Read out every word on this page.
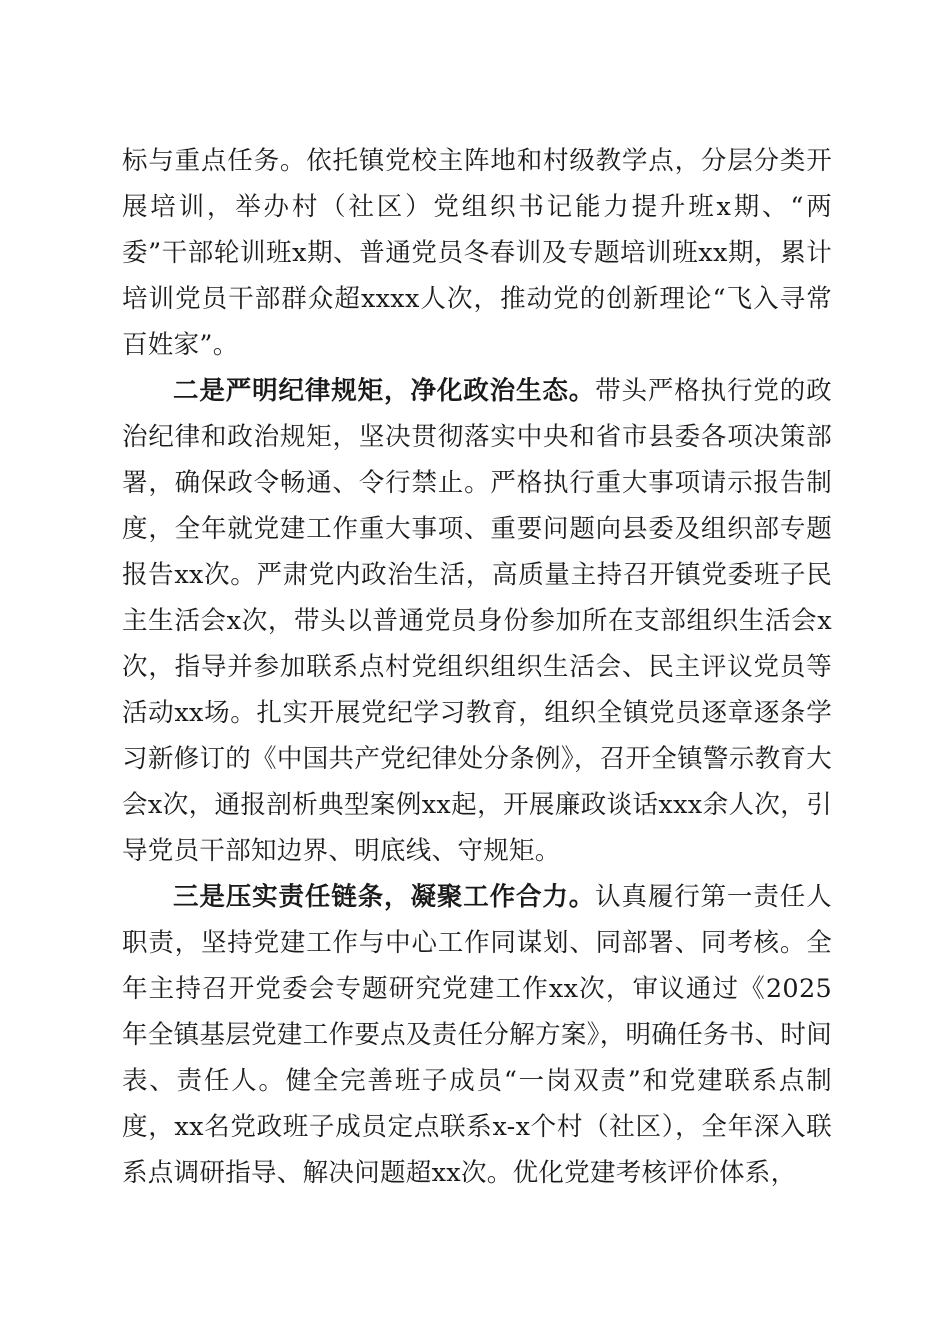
标与重点任务。依托镇党校主阵地和村级教学点，分层分类开展培训，举办村（社区）党组织书记能力提升班x期、“两委”干部轮训班x期、普通党员冬春训及专题培训班xx期，累计培训党员干部群众超xxxx人次，推动党的创新理论“飞入寻常百姓家”。

二是严明纪律规矩，净化政治生态。带头严格执行党的政治纪律和政治规矩，坚决贯彻落实中央和省市县委各项决策部署，确保政令畅通、令行禁止。严格执行重大事项请示报告制度，全年就党建工作重大事项、重要问题向县委及组织部专题报告xx次。严肃党内政治生活，高质量主持召开镇党委班子民主生活会x次，带头以普通党员身份参加所在支部组织生活会x次，指导并参加联系点村党组织组织生活会、民主评议党员等活动xx场。扎实开展党纪学习教育，组织全镇党员逐章逐条学习新修订的《中国共产党纪律处分条例》，召开全镇警示教育大会x次，通报剖析典型案例xx起，开展廉政谈话xxx余人次，引导党员干部知边界、明底线、守规矩。

三是压实责任链条，凝聚工作合力。认真履行第一责任人职责，坚持党建工作与中心工作同谋划、同部署、同考核。全年主持召开党委会专题研究党建工作xx次，审议通过《2025年全镇基层党建工作要点及责任分解方案》，明确任务书、时间表、责任人。健全完善班子成员“一岗双责”和党建联系点制度，xx名党政班子成员定点联系x-x个村（社区），全年深入联系点调研指导、解决问题超xx次。优化党建考核评价体系，
